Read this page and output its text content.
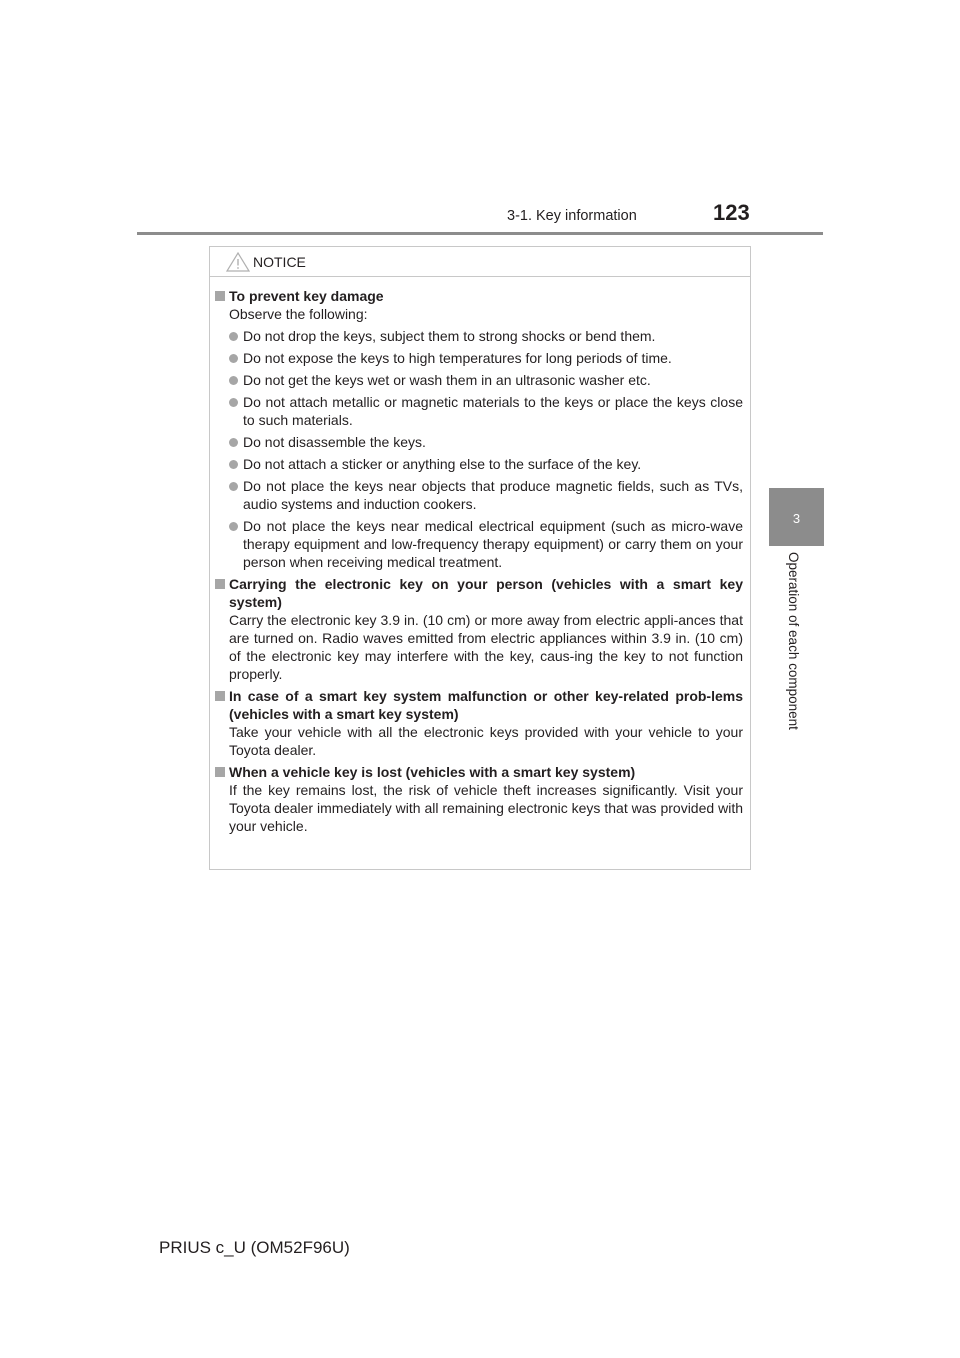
3-1. Key information	123
3
Operation of each component
NOTICE
To prevent key damage
Observe the following:
Do not drop the keys, subject them to strong shocks or bend them.
Do not expose the keys to high temperatures for long periods of time.
Do not get the keys wet or wash them in an ultrasonic washer etc.
Do not attach metallic or magnetic materials to the keys or place the keys close to such materials.
Do not disassemble the keys.
Do not attach a sticker or anything else to the surface of the key.
Do not place the keys near objects that produce magnetic fields, such as TVs, audio systems and induction cookers.
Do not place the keys near medical electrical equipment (such as micro-wave therapy equipment and low-frequency therapy equipment) or carry them on your person when receiving medical treatment.
Carrying the electronic key on your person (vehicles with a smart key system)
Carry the electronic key 3.9 in. (10 cm) or more away from electric appli-ances that are turned on. Radio waves emitted from electric appliances within 3.9 in. (10 cm) of the electronic key may interfere with the key, caus-ing the key to not function properly.
In case of a smart key system malfunction or other key-related prob-lems (vehicles with a smart key system)
Take your vehicle with all the electronic keys provided with your vehicle to your Toyota dealer.
When a vehicle key is lost (vehicles with a smart key system)
If the key remains lost, the risk of vehicle theft increases significantly. Visit your Toyota dealer immediately with all remaining electronic keys that was provided with your vehicle.
PRIUS c_U (OM52F96U)
